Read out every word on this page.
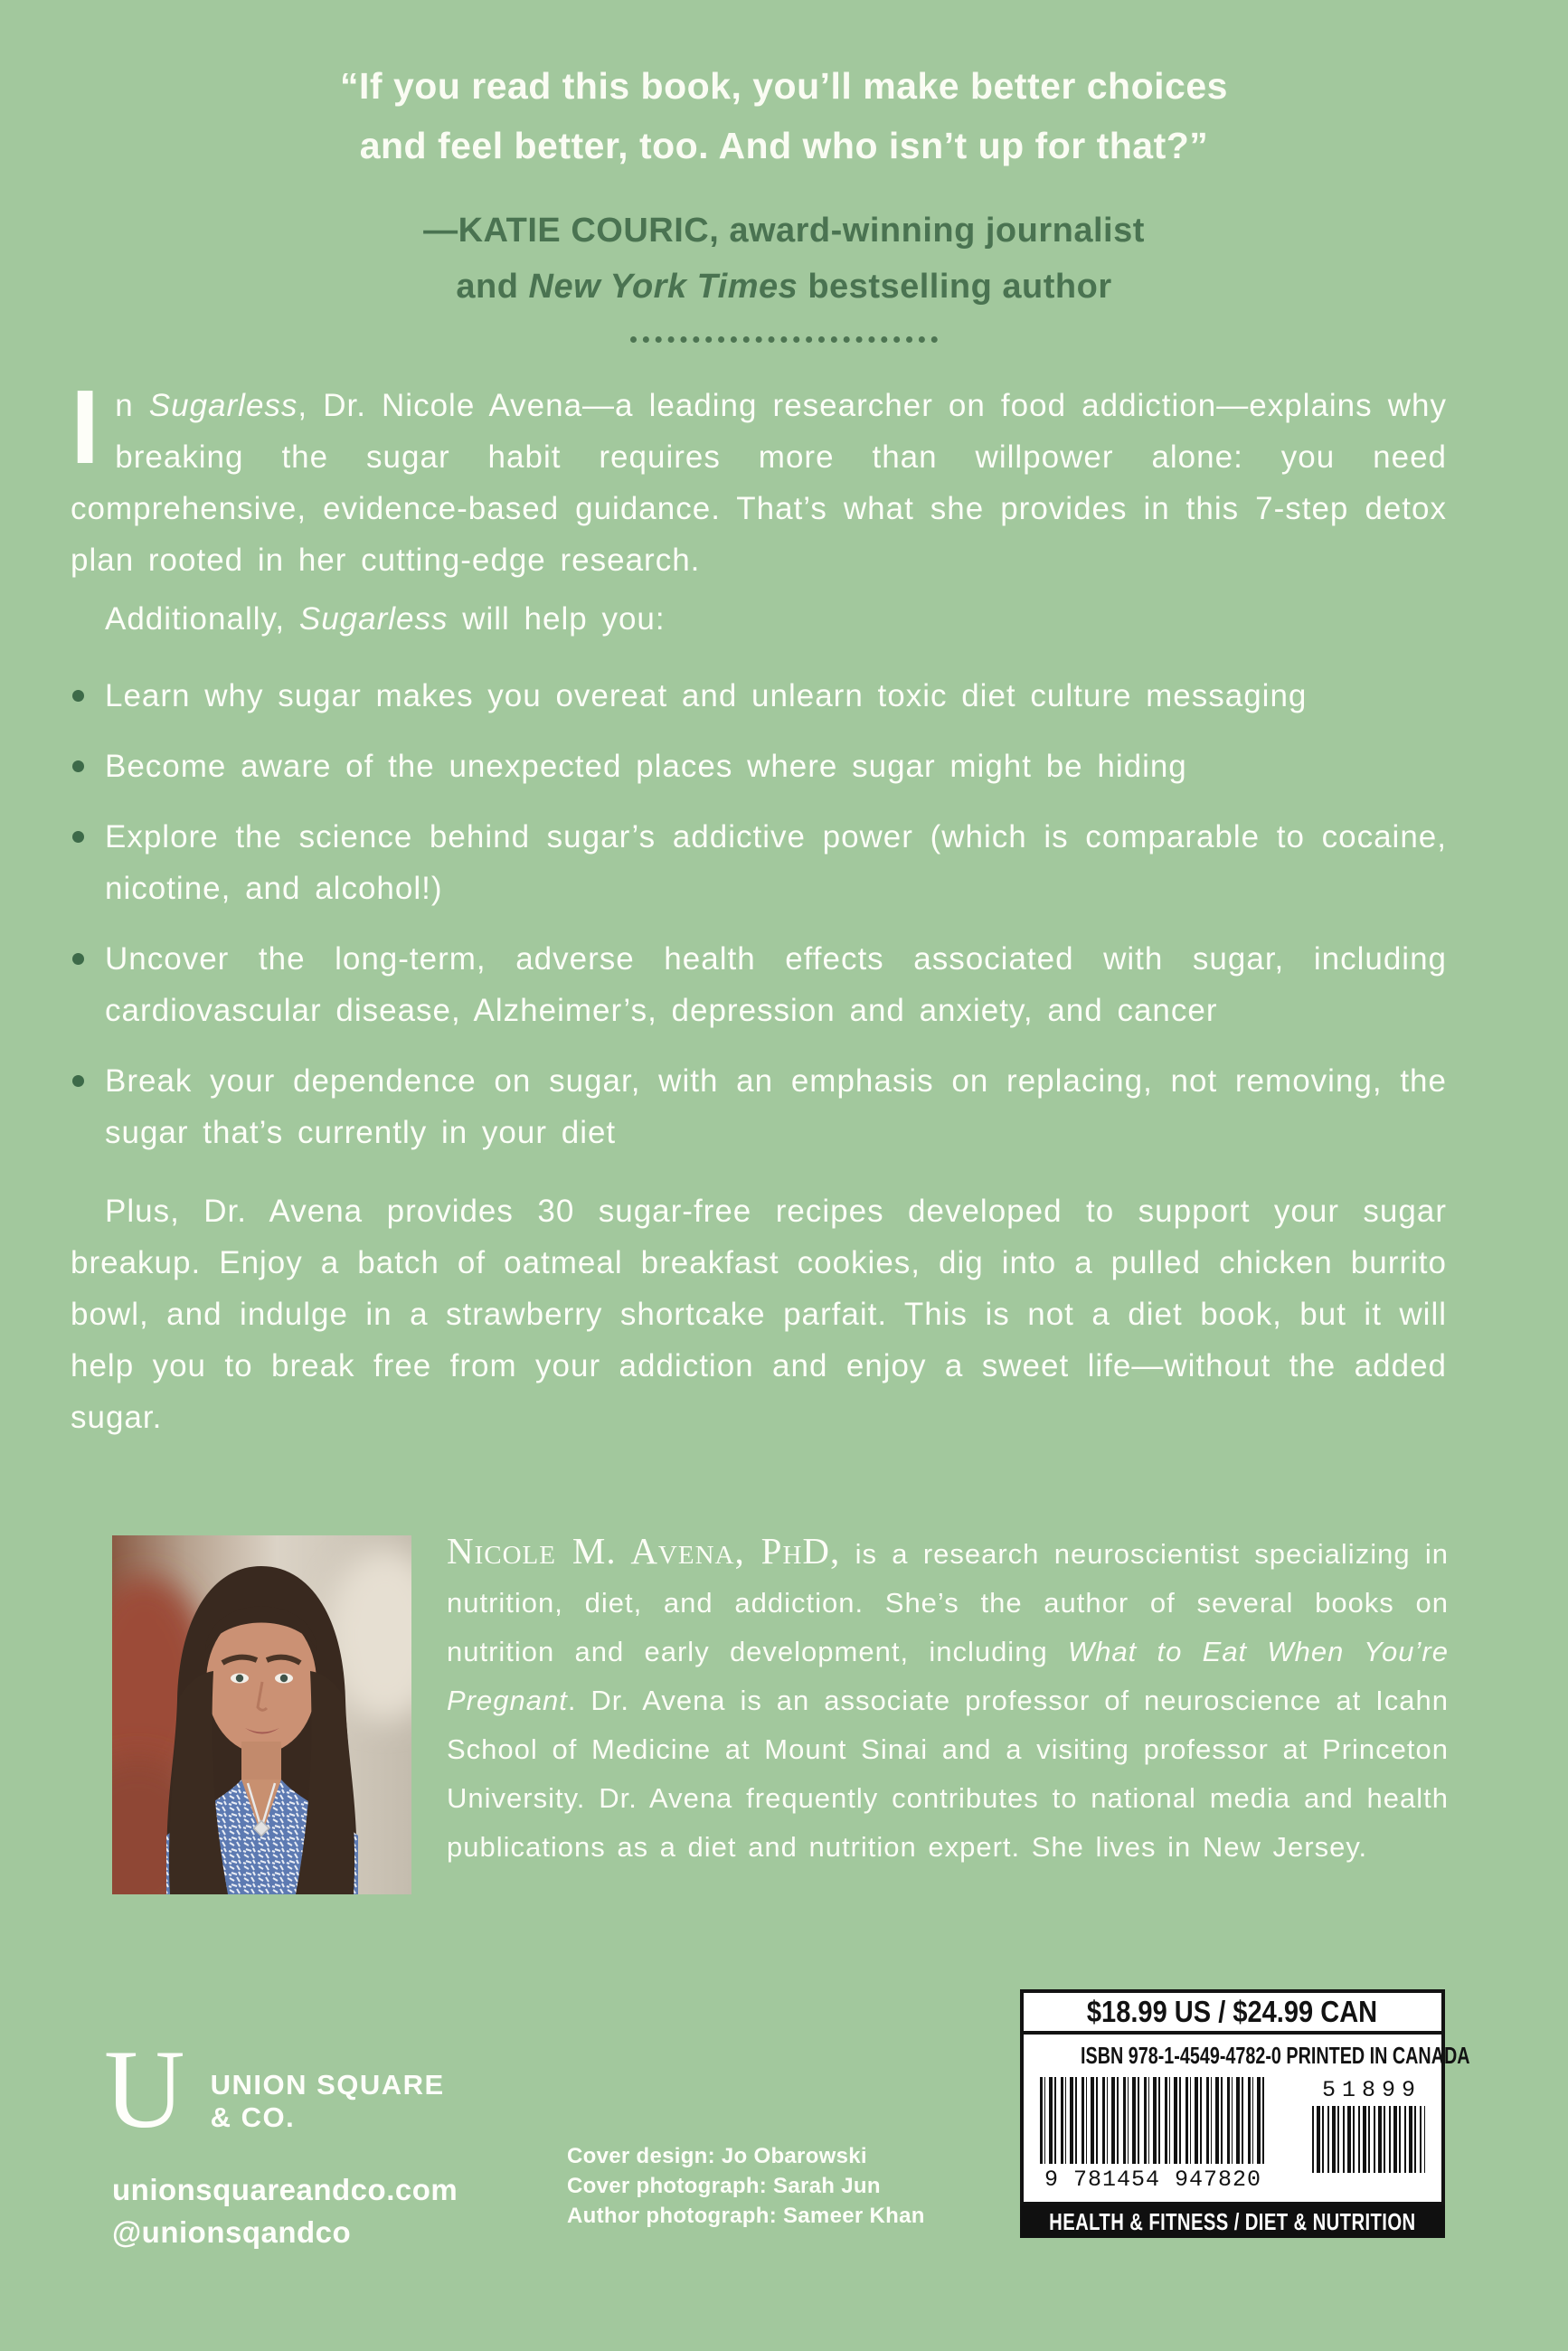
“If you read this book, you’ll make better choices
and feel better, too. And who isn’t up for that?”
—KATIE COURIC, award-winning journalist
and New York Times bestselling author

In Sugarless, Dr. Nicole Avena—a leading researcher on food addiction—explains why breaking the sugar habit requires more than willpower alone: you need comprehensive, evidence-based guidance. That’s what she provides in this 7-step detox plan rooted in her cutting-edge research.

Additionally, Sugarless will help you:

Learn why sugar makes you overeat and unlearn toxic diet culture messaging
Become aware of the unexpected places where sugar might be hiding
Explore the science behind sugar’s addictive power (which is comparable to cocaine, nicotine, and alcohol!)
Uncover the long-term, adverse health effects associated with sugar, including cardiovascular disease, Alzheimer’s, depression and anxiety, and cancer
Break your dependence on sugar, with an emphasis on replacing, not removing, the sugar that’s currently in your diet

Plus, Dr. Avena provides 30 sugar-free recipes developed to support your sugar breakup. Enjoy a batch of oatmeal breakfast cookies, dig into a pulled chicken burrito bowl, and indulge in a strawberry shortcake parfait. This is not a diet book, but it will help you to break free from your addiction and enjoy a sweet life—without the added sugar.

Nicole M. Avena, PhD, is a research neuroscientist specializing in nutrition, diet, and addiction. She’s the author of several books on nutrition and early development, including What to Eat When You’re Pregnant. Dr. Avena is an associate professor of neuroscience at Icahn School of Medicine at Mount Sinai and a visiting professor at Princeton University. Dr. Avena frequently contributes to national media and health publications as a diet and nutrition expert. She lives in New Jersey.
U UNION SQUARE
& CO.
unionsquareandco.com
@unionsqandco
Cover design: Jo Obarowski
Cover photograph: Sarah Jun
Author photograph: Sameer Khan
$18.99 US / $24.99 CAN
ISBN 978-1-4549-4782-0 PRINTED IN CANADA
9 781454 947820
51899
HEALTH & FITNESS / DIET & NUTRITION
